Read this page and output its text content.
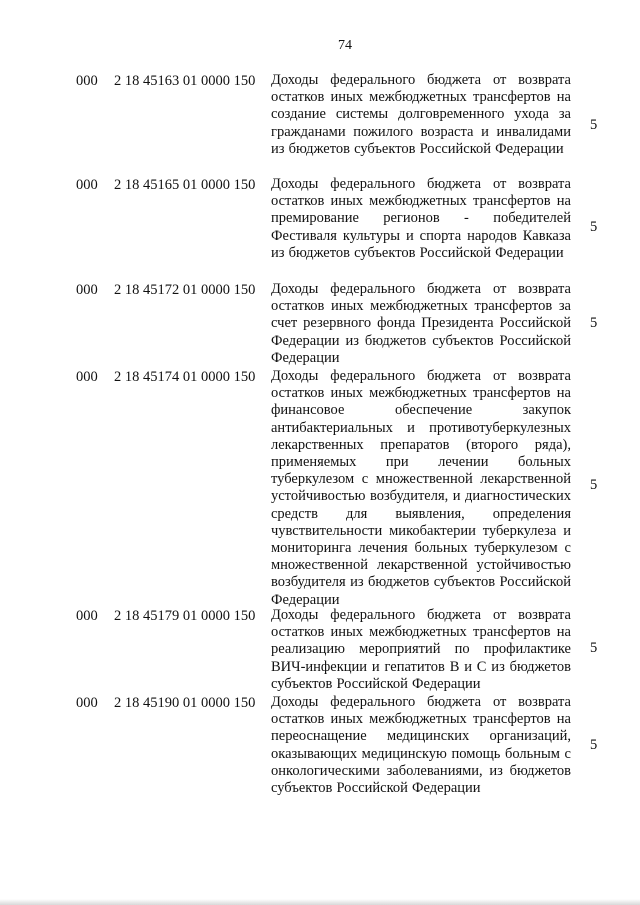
74
000 2 18 45163 01 0000 150 Доходы федерального бюджета от возврата остатков иных межбюджетных трансфертов на создание системы долговременного ухода за гражданами пожилого возраста и инвалидами из бюджетов субъектов Российской Федерации
5
000 2 18 45165 01 0000 150 Доходы федерального бюджета от возврата остатков иных межбюджетных трансфертов на премирование регионов - победителей Фестиваля культуры и спорта народов Кавказа из бюджетов субъектов Российской Федерации
5
000 2 18 45172 01 0000 150 Доходы федерального бюджета от возврата остатков иных межбюджетных трансфертов за счет резервного фонда Президента Российской Федерации из бюджетов субъектов Российской Федерации
5
000 2 18 45174 01 0000 150 Доходы федерального бюджета от возврата остатков иных межбюджетных трансфертов на финансовое обеспечение закупок антибактериальных и противотуберкулезных лекарственных препаратов (второго ряда), применяемых при лечении больных туберкулезом с множественной лекарственной устойчивостью возбудителя, и диагностических средств для выявления, определения чувствительности микобактерии туберкулеза и мониторинга лечения больных туберкулезом с множественной лекарственной устойчивостью возбудителя из бюджетов субъектов Российской Федерации
5
000 2 18 45179 01 0000 150 Доходы федерального бюджета от возврата остатков иных межбюджетных трансфертов на реализацию мероприятий по профилактике ВИЧ-инфекции и гепатитов В и С из бюджетов субъектов Российской Федерации
5
000 2 18 45190 01 0000 150 Доходы федерального бюджета от возврата остатков иных межбюджетных трансфертов на переоснащение медицинских организаций, оказывающих медицинскую помощь больным с онкологическими заболеваниями, из бюджетов субъектов Российской Федерации
5
